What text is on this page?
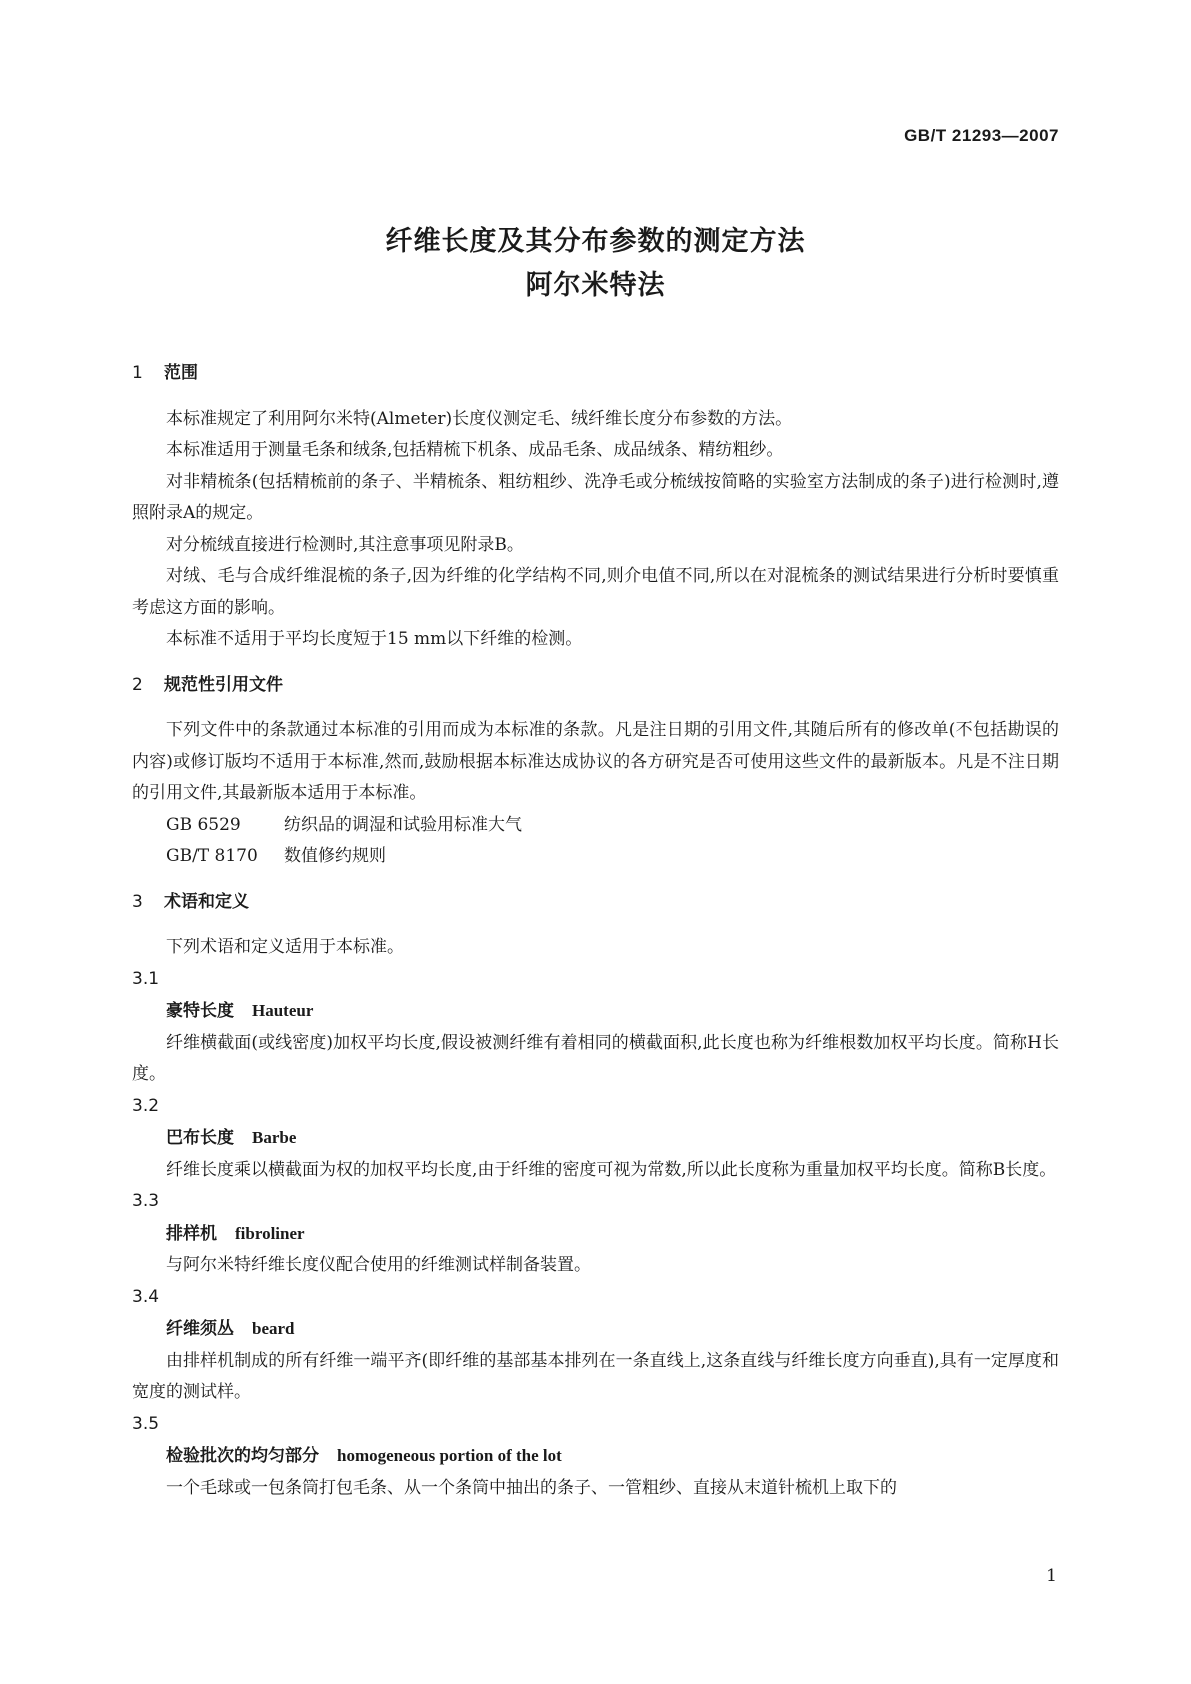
GB/T 21293—2007
纤维长度及其分布参数的测定方法
阿尔米特法
1 范围

本标准规定了利用阿尔米特(Almeter)长度仪测定毛、绒纤维长度分布参数的方法。

本标准适用于测量毛条和绒条,包括精梳下机条、成品毛条、成品绒条、精纺粗纱。

对非精梳条(包括精梳前的条子、半精梳条、粗纺粗纱、洗净毛或分梳绒按简略的实验室方法制成的条子)进行检测时,遵照附录A的规定。

对分梳绒直接进行检测时,其注意事项见附录B。

对绒、毛与合成纤维混梳的条子,因为纤维的化学结构不同,则介电值不同,所以在对混梳条的测试结果进行分析时要慎重考虑这方面的影响。

本标准不适用于平均长度短于15 mm以下纤维的检测。

2 规范性引用文件

下列文件中的条款通过本标准的引用而成为本标准的条款。凡是注日期的引用文件,其随后所有的修改单(不包括勘误的内容)或修订版均不适用于本标准,然而,鼓励根据本标准达成协议的各方研究是否可使用这些文件的最新版本。凡是不注日期的引用文件,其最新版本适用于本标准。

GB 6529	纺织品的调湿和试验用标准大气

GB/T 8170 数值修约规则

3 术语和定义

下列术语和定义适用于本标准。

3.1

豪特长度 Hauteur

纤维横截面(或线密度)加权平均长度,假设被测纤维有着相同的横截面积,此长度也称为纤维根数加权平均长度。简称H长度。

3.2

巴布长度 Barbe

纤维长度乘以横截面为权的加权平均长度,由于纤维的密度可视为常数,所以此长度称为重量加权平均长度。简称B长度。

3.3

排样机 fibroliner

与阿尔米特纤维长度仪配合使用的纤维测试样制备装置。

3.4

纤维须丛 beard

由排样机制成的所有纤维一端平齐(即纤维的基部基本排列在一条直线上,这条直线与纤维长度方向垂直),具有一定厚度和宽度的测试样。

3.5

检验批次的均匀部分 homogeneous portion of the lot

一个毛球或一包条筒打包毛条、从一个条筒中抽出的条子、一管粗纱、直接从末道针梳机上取下的

1
